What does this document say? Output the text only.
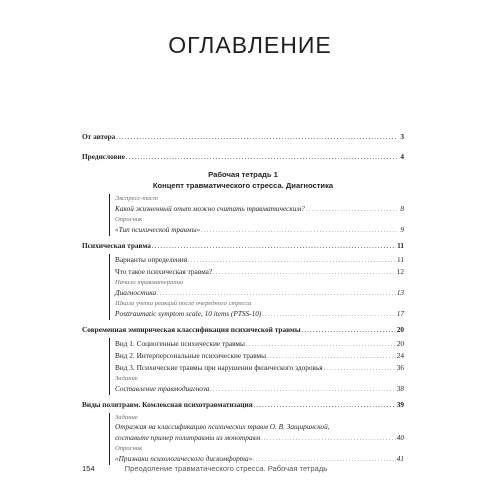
ОГЛАВЛЕНИЕ
От автора . . .	3
Предисловие . . .	4
Рабочая тетрадь 1
Концепт травматического стресса. Диагностика
Экспресс-тест
Какой жизненный опыт можно считать травматическим? . . .	8
Опросник
«Тип психической травмы» . . .	9
Психическая травма . . .	11
Варианты определения . . .	11
Что такое психическая травма? . . .	12
Начало травматерапии
Диагностика . . .	13
Шкала учета реакций после очередного стресса
Posttraumatic symptom scale, 10 items (PTSS-10) . . .	17
Современная эмпирическая классификация психической травмы . . .	20
Вид 1. Социогенные психические травмы . . .	20
Вид 2. Интерперсональные психические травмы . . .	24
Вид 3. Психические травмы при нарушении физического здоровья . . .	36
Задание
Составление травмодиагноза . . .	38
Виды политравм. Комлексная психотравматизация . . .	39
Задание
Отражая на классификацию психических травм О. В. Защиринской,
составьте пример политравмы из монотравм . . .	40
Опросник
«Признаки психологического дискомфорта» . . .	41
154	Преодоление травматического стресса. Рабочая тетрадь
